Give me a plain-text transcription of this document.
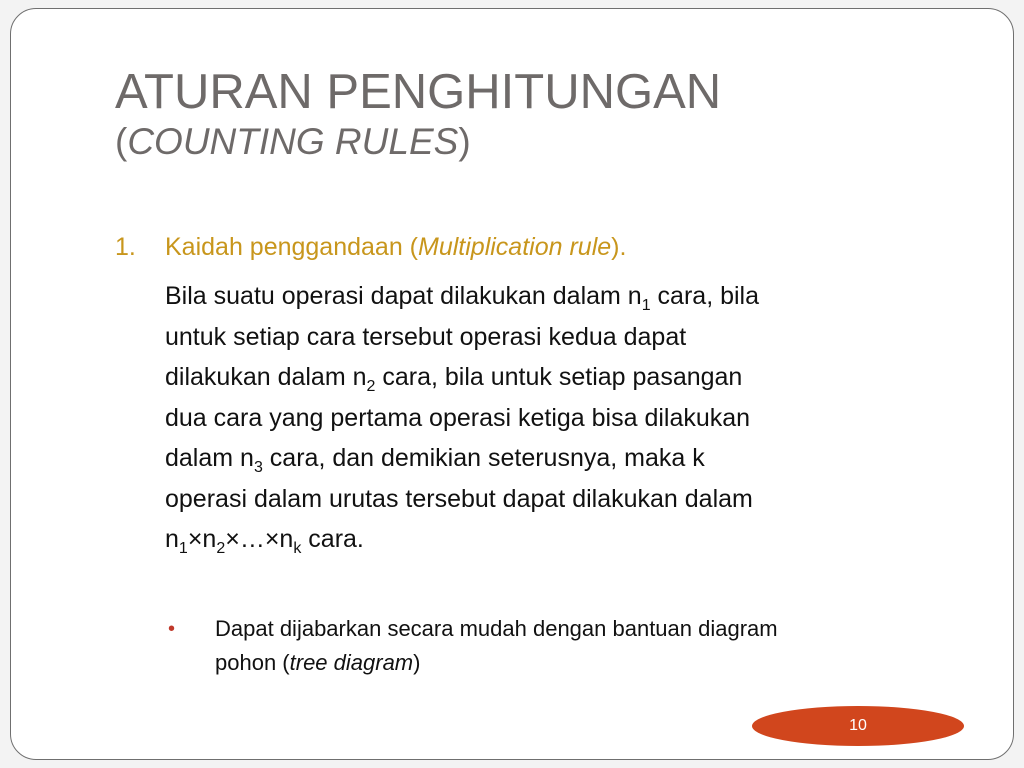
ATURAN PENGHITUNGAN
(COUNTING RULES)
1. Kaidah penggandaan (Multiplication rule).
Bila suatu operasi dapat dilakukan dalam $n_1$ cara, bila
untuk setiap cara tersebut operasi kedua dapat
dilakukan dalam $n_2$ cara, bila untuk setiap pasangan
dua cara yang pertama operasi ketiga bisa dilakukan
dalam $n_3$ cara, dan demikian seterusnya, maka k
operasi dalam urutas tersebut dapat dilakukan dalam
$n_1\times n_2\times\dots\times n_k$ cara.
• Dapat dijabarkan secara mudah dengan bantuan diagram
pohon (tree diagram)
10
